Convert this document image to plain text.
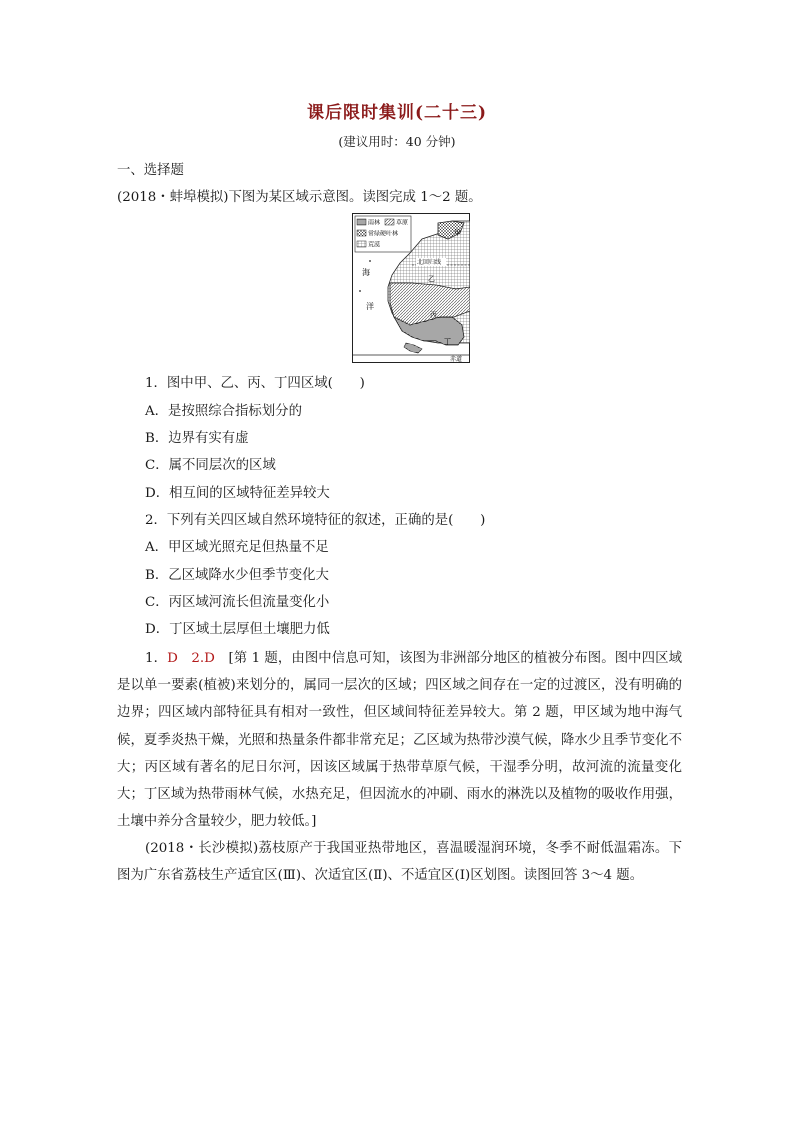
课后限时集训(二十三)
(建议用时：40 分钟)
一、选择题
(2018・蚌埠模拟)下图为某区域示意图。读图完成 1～2 题。
雨林	草原
常绿硬叶林
荒漠
北回归线
赤道
甲
乙
丙
丁
海
洋
1．图中甲、乙、丙、丁四区域(　　)
A．是按照综合指标划分的
B．边界有实有虚
C．属不同层次的区域
D．相互间的区域特征差异较大
2．下列有关四区域自然环境特征的叙述，正确的是(　　)
A．甲区域光照充足但热量不足
B．乙区域降水少但季节变化大
C．丙区域河流长但流量变化小
D．丁区域土层厚但土壤肥力低
1．D　2.D　[第 1 题，由图中信息可知，该图为非洲部分地区的植被分布图。图中四区域是以单一要素(植被)来划分的，属同一层次的区域；四区域之间存在一定的过渡区，没有明确的边界；四区域内部特征具有相对一致性，但区域间特征差异较大。第 2 题，甲区域为地中海气候，夏季炎热干燥，光照和热量条件都非常充足；乙区域为热带沙漠气候，降水少且季节变化不大；丙区域有著名的尼日尔河，因该区域属于热带草原气候，干湿季分明，故河流的流量变化大；丁区域为热带雨林气候，水热充足，但因流水的冲刷、雨水的淋洗以及植物的吸收作用强，土壤中养分含量较少，肥力较低。]
(2018・长沙模拟)荔枝原产于我国亚热带地区，喜温暖湿润环境，冬季不耐低温霜冻。下图为广东省荔枝生产适宜区(Ⅲ)、次适宜区(Ⅱ)、不适宜区(Ⅰ)区划图。读图回答 3～4 题。
